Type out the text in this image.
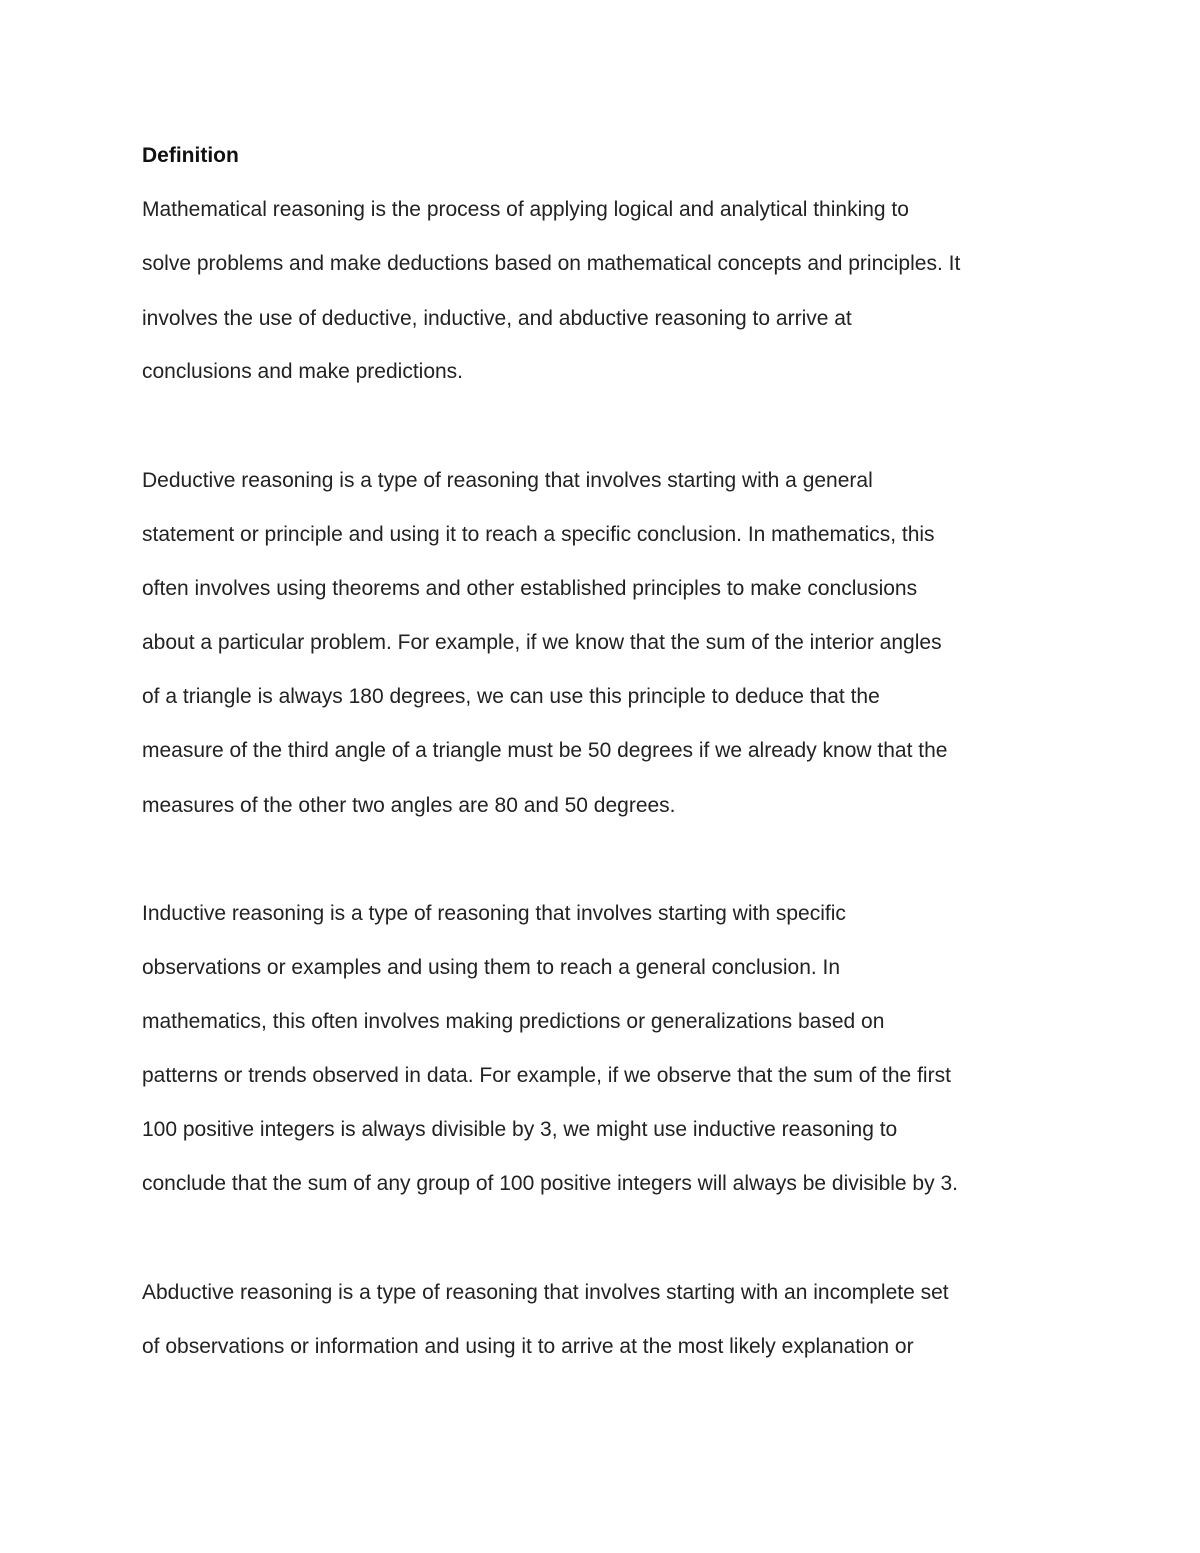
Definition
Mathematical reasoning is the process of applying logical and analytical thinking to
solve problems and make deductions based on mathematical concepts and principles. It
involves the use of deductive, inductive, and abductive reasoning to arrive at
conclusions and make predictions.
Deductive reasoning is a type of reasoning that involves starting with a general
statement or principle and using it to reach a specific conclusion. In mathematics, this
often involves using theorems and other established principles to make conclusions
about a particular problem. For example, if we know that the sum of the interior angles
of a triangle is always 180 degrees, we can use this principle to deduce that the
measure of the third angle of a triangle must be 50 degrees if we already know that the
measures of the other two angles are 80 and 50 degrees.
Inductive reasoning is a type of reasoning that involves starting with specific
observations or examples and using them to reach a general conclusion. In
mathematics, this often involves making predictions or generalizations based on
patterns or trends observed in data. For example, if we observe that the sum of the first
100 positive integers is always divisible by 3, we might use inductive reasoning to
conclude that the sum of any group of 100 positive integers will always be divisible by 3.
Abductive reasoning is a type of reasoning that involves starting with an incomplete set
of observations or information and using it to arrive at the most likely explanation or
